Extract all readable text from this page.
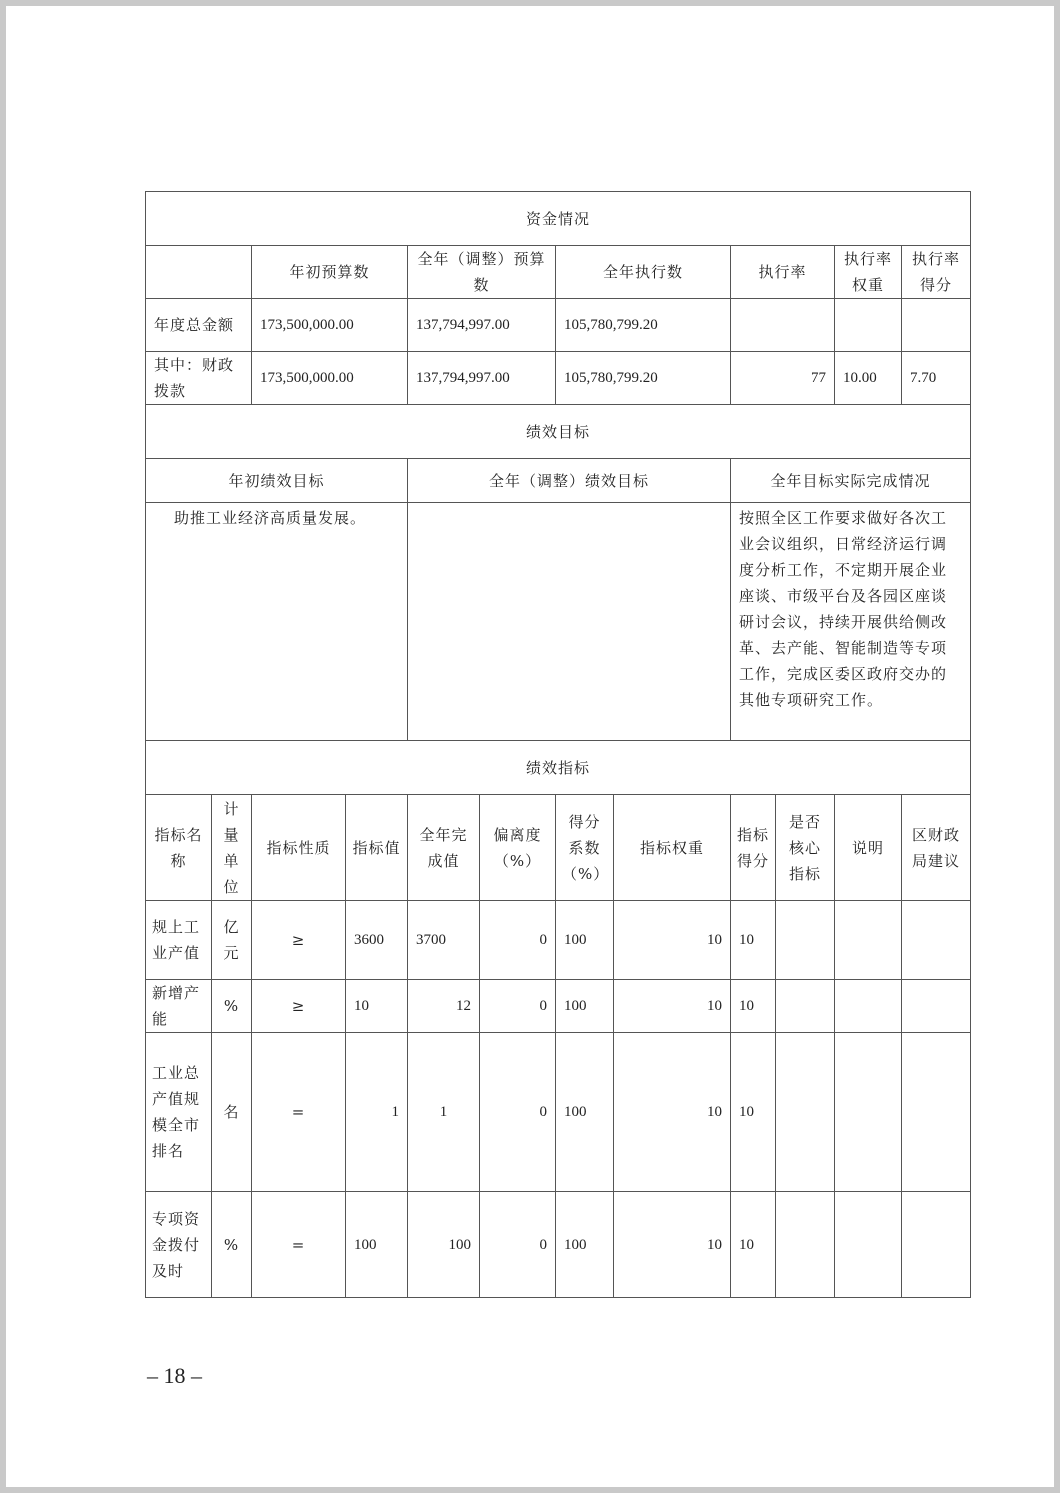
资金情况											
		年初预算数		全年（调整）预算数		全年执行数		执行率		执行率权重	执行率得分
年度总金额		173,500,000.00		137,794,997.00		105,780,799.20					
其中：财政拨款		173,500,000.00		137,794,997.00		105,780,799.20		77		10.00	7.70
绩效目标											
年初绩效目标				全年（调整）绩效目标				全年目标实际完成情况			
助推工业经济高质量发展。								按照全区工作要求做好各次工业会议组织，日常经济运行调度分析工作，不定期开展企业座谈、市级平台及各园区座谈研讨会议，持续开展供给侧改革、去产能、智能制造等专项工作，完成区委区政府交办的其他专项研究工作。			
绩效指标											
指标名称	计量单位	指标性质	指标值	全年完成值	偏离度（%）	得分系数（%）	指标权重	指标得分	是否核心指标	说明	区财政局建议
规上工业产值	亿元	≥	3600	3700	0	100	10	10			
新增产能	%	≥	10	12	0	100	10	10			
工业总产值规模全市排名	名	=	1	1	0	100	10	10			
专项资金拨付及时	%	=	100	100	0	100	10	10			
– 18 –
